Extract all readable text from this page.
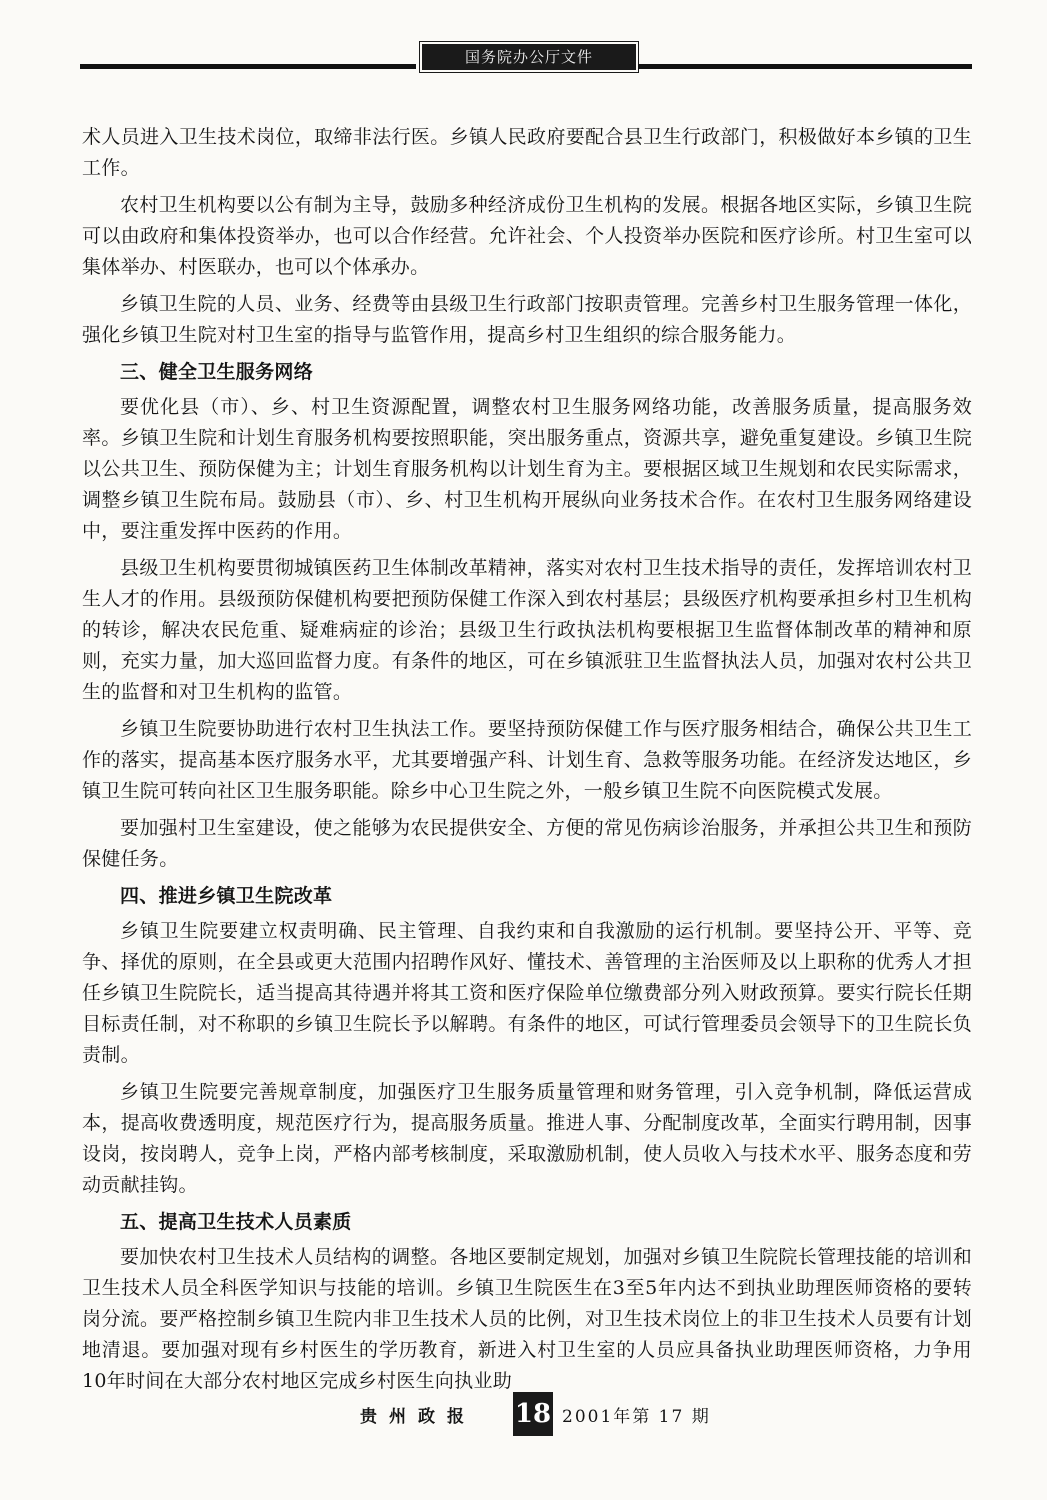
国务院办公厅文件

术人员进入卫生技术岗位，取缔非法行医。乡镇人民政府要配合县卫生行政部门，积极做好本乡镇的卫生工作。

农村卫生机构要以公有制为主导，鼓励多种经济成份卫生机构的发展。根据各地区实际，乡镇卫生院可以由政府和集体投资举办，也可以合作经营。允许社会、个人投资举办医院和医疗诊所。村卫生室可以集体举办、村医联办，也可以个体承办。

乡镇卫生院的人员、业务、经费等由县级卫生行政部门按职责管理。完善乡村卫生服务管理一体化，强化乡镇卫生院对村卫生室的指导与监管作用，提高乡村卫生组织的综合服务能力。

三、健全卫生服务网络

要优化县（市）、乡、村卫生资源配置，调整农村卫生服务网络功能，改善服务质量，提高服务效率。乡镇卫生院和计划生育服务机构要按照职能，突出服务重点，资源共享，避免重复建设。乡镇卫生院以公共卫生、预防保健为主；计划生育服务机构以计划生育为主。要根据区域卫生规划和农民实际需求，调整乡镇卫生院布局。鼓励县（市）、乡、村卫生机构开展纵向业务技术合作。在农村卫生服务网络建设中，要注重发挥中医药的作用。

县级卫生机构要贯彻城镇医药卫生体制改革精神，落实对农村卫生技术指导的责任，发挥培训农村卫生人才的作用。县级预防保健机构要把预防保健工作深入到农村基层；县级医疗机构要承担乡村卫生机构的转诊，解决农民危重、疑难病症的诊治；县级卫生行政执法机构要根据卫生监督体制改革的精神和原则，充实力量，加大巡回监督力度。有条件的地区，可在乡镇派驻卫生监督执法人员，加强对农村公共卫生的监督和对卫生机构的监管。

乡镇卫生院要协助进行农村卫生执法工作。要坚持预防保健工作与医疗服务相结合，确保公共卫生工作的落实，提高基本医疗服务水平，尤其要增强产科、计划生育、急救等服务功能。在经济发达地区，乡镇卫生院可转向社区卫生服务职能。除乡中心卫生院之外，一般乡镇卫生院不向医院模式发展。

要加强村卫生室建设，使之能够为农民提供安全、方便的常见伤病诊治服务，并承担公共卫生和预防保健任务。

四、推进乡镇卫生院改革

乡镇卫生院要建立权责明确、民主管理、自我约束和自我激励的运行机制。要坚持公开、平等、竞争、择优的原则，在全县或更大范围内招聘作风好、懂技术、善管理的主治医师及以上职称的优秀人才担任乡镇卫生院院长，适当提高其待遇并将其工资和医疗保险单位缴费部分列入财政预算。要实行院长任期目标责任制，对不称职的乡镇卫生院长予以解聘。有条件的地区，可试行管理委员会领导下的卫生院长负责制。

乡镇卫生院要完善规章制度，加强医疗卫生服务质量管理和财务管理，引入竞争机制，降低运营成本，提高收费透明度，规范医疗行为，提高服务质量。推进人事、分配制度改革，全面实行聘用制，因事设岗，按岗聘人，竞争上岗，严格内部考核制度，采取激励机制，使人员收入与技术水平、服务态度和劳动贡献挂钩。

五、提高卫生技术人员素质

要加快农村卫生技术人员结构的调整。各地区要制定规划，加强对乡镇卫生院院长管理技能的培训和卫生技术人员全科医学知识与技能的培训。乡镇卫生院医生在3至5年内达不到执业助理医师资格的要转岗分流。要严格控制乡镇卫生院内非卫生技术人员的比例，对卫生技术岗位上的非卫生技术人员要有计划地清退。要加强对现有乡村医生的学历教育，新进入村卫生室的人员应具备执业助理医师资格，力争用10年时间在大部分农村地区完成乡村医生向执业助

贵州政报	18 2001年第 17 期
